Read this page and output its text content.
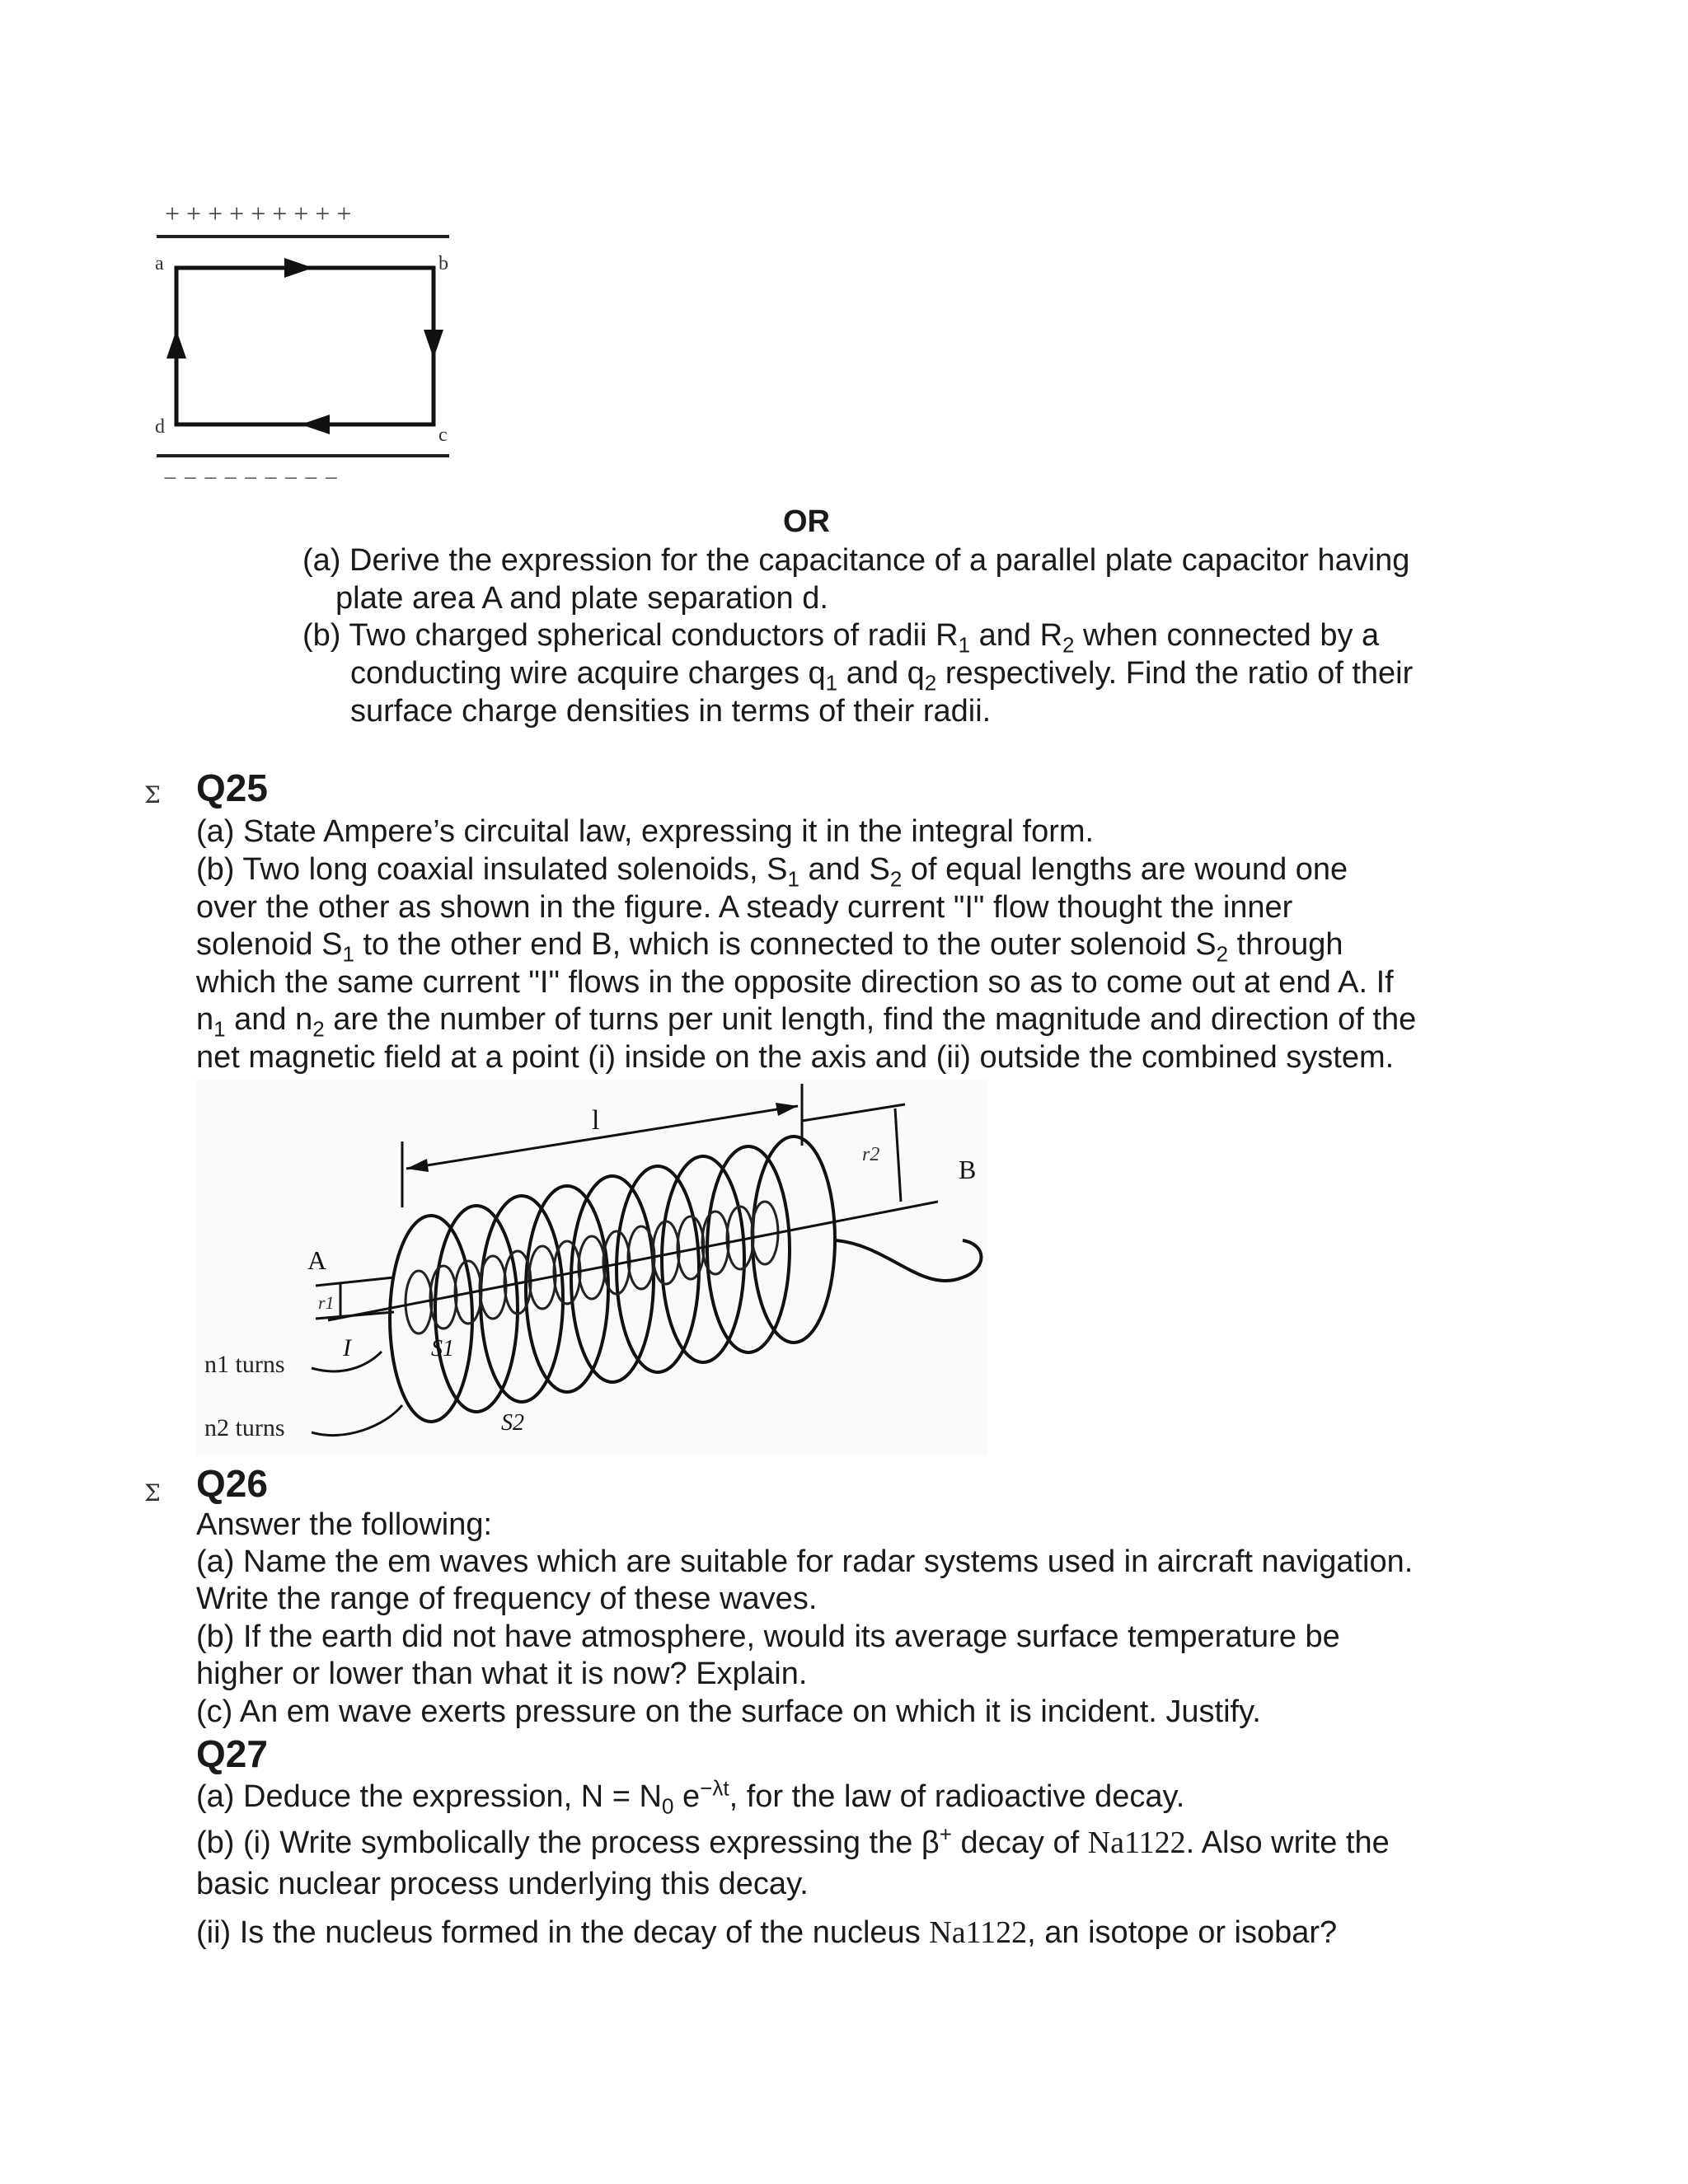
+ + + + + + + + +
a	b
d	c
− − − − − − − − −
OR
(a) Derive the expression for the capacitance of a parallel plate capacitor having
plate area A and plate separation d.
(b) Two charged spherical conductors of radii $R_1$ and $R_2$ when connected by a
conducting wire acquire charges $q_1$ and $q_2$ respectively. Find the ratio of their
surface charge densities in terms of their radii.
Σ Q25
(a) State Ampere’s circuital law, expressing it in the integral form.
(b) Two long coaxial insulated solenoids, $S_1$ and $S_2$ of equal lengths are wound one
over the other as shown in the figure. A steady current "I" flow thought the inner
solenoid $S_1$ to the other end B, which is connected to the outer solenoid $S_2$ through
which the same current "I" flows in the opposite direction so as to come out at end A. If
$n_1$ and $n_2$ are the number of turns per unit length, find the magnitude and direction of the
net magnetic field at a point (i) inside on the axis and (ii) outside the combined system.
l
r2	B
A
r1
I	S1
S2
n1 turns
n2 turns
Σ Q26
Answer the following:
(a) Name the em waves which are suitable for radar systems used in aircraft navigation.
Write the range of frequency of these waves.
(b) If the earth did not have atmosphere, would its average surface temperature be
higher or lower than what it is now? Explain.
(c) An em wave exerts pressure on the surface on which it is incident. Justify.
Q27
(a) Deduce the expression, $N = N_0$ $e^{-\lambda t}$, for the law of radioactive decay.
(b) (i) Write symbolically the process expressing the β+ decay of Na1122. Also write the
basic nuclear process underlying this decay.
(ii) Is the nucleus formed in the decay of the nucleus Na1122, an isotope or isobar?
